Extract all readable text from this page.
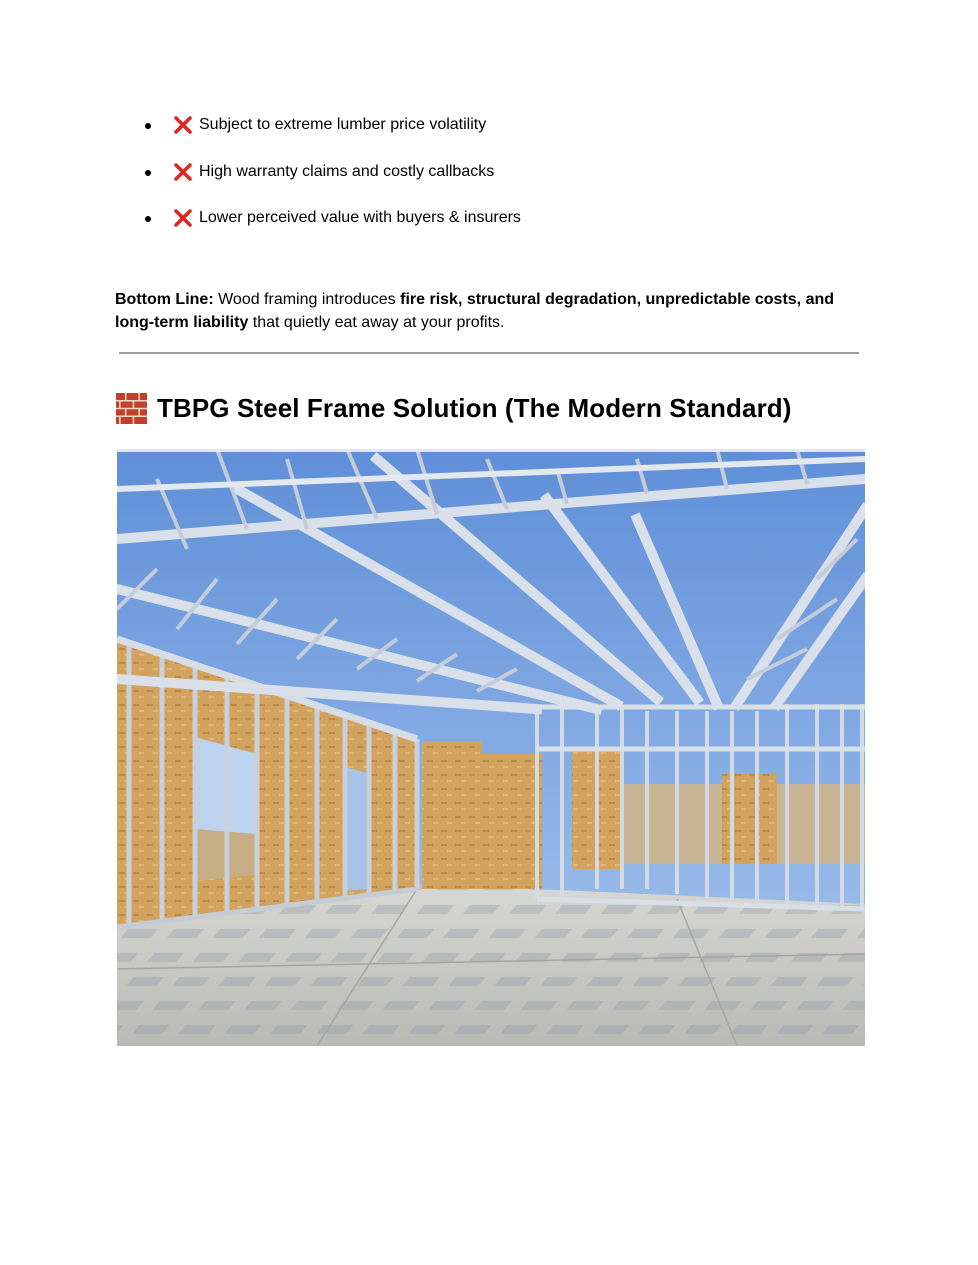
Subject to extreme lumber price volatility
High warranty claims and costly callbacks
Lower perceived value with buyers & insurers

Bottom Line: Wood framing introduces fire risk, structural degradation, unpredictable costs, and long-term liability that quietly eat away at your profits.

TBPG Steel Frame Solution (The Modern Standard)
